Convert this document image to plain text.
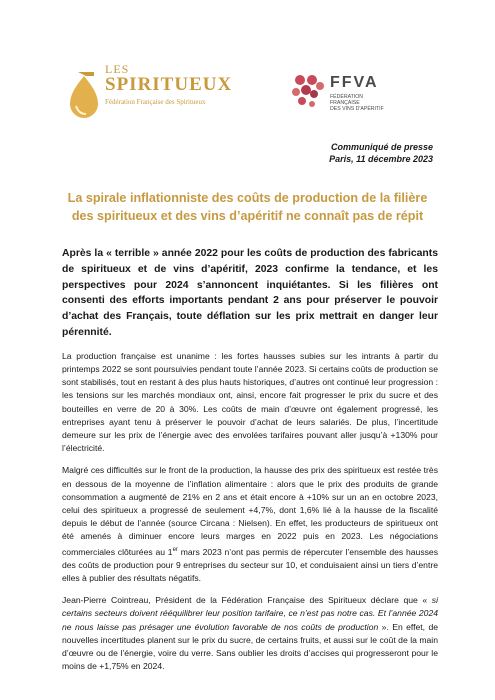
LES
SPIRITUEUX
Fédération Française des Spiritueux
FFVA
FÉDÉRATION FRANÇAISE
DES VINS D'APÉRITIF
Communiqué de presse
Paris, 11 décembre 2023
La spirale inflationniste des coûts de production de la filière
des spiritueux et des vins d’apéritif ne connaît pas de répit

Après la « terrible » année 2022 pour les coûts de production des fabricants de spiritueux et de vins d’apéritif, 2023 confirme la tendance, et les perspectives pour 2024 s’annoncent inquiétantes. Si les filières ont consenti des efforts importants pendant 2 ans pour préserver le pouvoir d’achat des Français, toute déflation sur les prix mettrait en danger leur pérennité.

La production française est unanime : les fortes hausses subies sur les intrants à partir du printemps 2022 se sont poursuivies pendant toute l’année 2023. Si certains coûts de production se sont stabilisés, tout en restant à des plus hauts historiques, d’autres ont continué leur progression : les tensions sur les marchés mondiaux ont, ainsi, encore fait progresser le prix du sucre et des bouteilles en verre de 20 à 30%. Les coûts de main d’œuvre ont également progressé, les entreprises ayant tenu à préserver le pouvoir d’achat de leurs salariés. De plus, l’incertitude demeure sur les prix de l’énergie avec des envolées tarifaires pouvant aller jusqu’à +130% pour l’électricité.

Malgré ces difficultés sur le front de la production, la hausse des prix des spiritueux est restée très en dessous de la moyenne de l’inflation alimentaire : alors que le prix des produits de grande consommation a augmenté de 21% en 2 ans et était encore à +10% sur un an en octobre 2023, celui des spiritueux a progressé de seulement +4,7%, dont 1,6% lié à la hausse de la fiscalité depuis le début de l’année (source Circana : Nielsen). En effet, les producteurs de spiritueux ont été amenés à diminuer encore leurs marges en 2022 puis en 2023. Les négociations commerciales clôturées au 1er mars 2023 n’ont pas permis de répercuter l’ensemble des hausses des coûts de production pour 9 entreprises du secteur sur 10, et conduisaient ainsi un tiers d’entre elles à publier des résultats négatifs.

Jean-Pierre Cointreau, Président de la Fédération Française des Spiritueux déclare que « si certains secteurs doivent rééquilibrer leur position tarifaire, ce n’est pas notre cas. Et l’année 2024 ne nous laisse pas présager une évolution favorable de nos coûts de production ». En effet, de nouvelles incertitudes planent sur le prix du sucre, de certains fruits, et aussi sur le coût de la main d’œuvre ou de l’énergie, voire du verre. Sans oublier les droits d’accises qui progresseront pour le moins de +1,75% en 2024.
